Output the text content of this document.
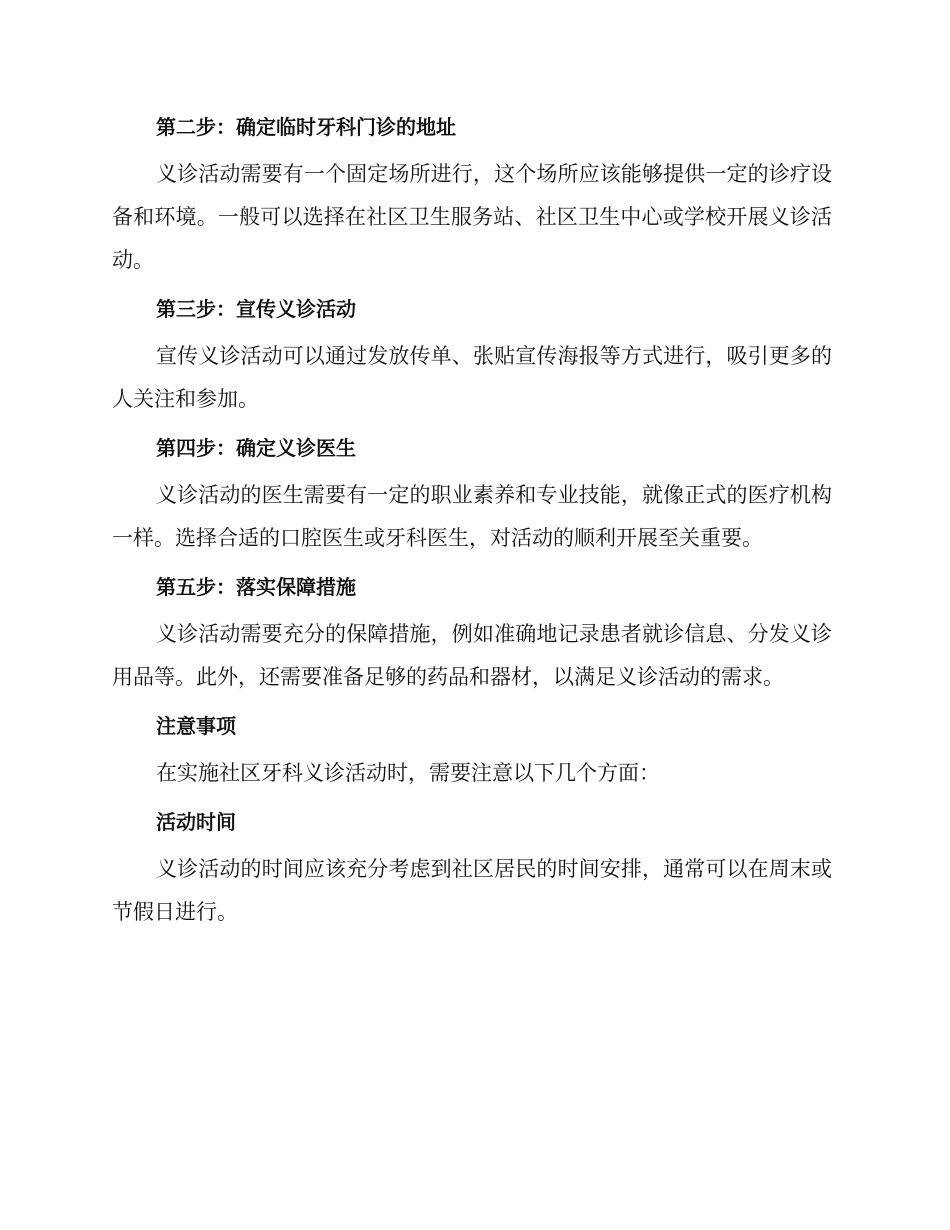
第二步：确定临时牙科门诊的地址

义诊活动需要有一个固定场所进行，这个场所应该能够提供一定的诊疗设备和环境。一般可以选择在社区卫生服务站、社区卫生中心或学校开展义诊活动。

第三步：宣传义诊活动

宣传义诊活动可以通过发放传单、张贴宣传海报等方式进行，吸引更多的人关注和参加。

第四步：确定义诊医生

义诊活动的医生需要有一定的职业素养和专业技能，就像正式的医疗机构一样。选择合适的口腔医生或牙科医生，对活动的顺利开展至关重要。

第五步：落实保障措施

义诊活动需要充分的保障措施，例如准确地记录患者就诊信息、分发义诊用品等。此外，还需要准备足够的药品和器材，以满足义诊活动的需求。

注意事项

在实施社区牙科义诊活动时，需要注意以下几个方面：

活动时间

义诊活动的时间应该充分考虑到社区居民的时间安排，通常可以在周末或节假日进行。
